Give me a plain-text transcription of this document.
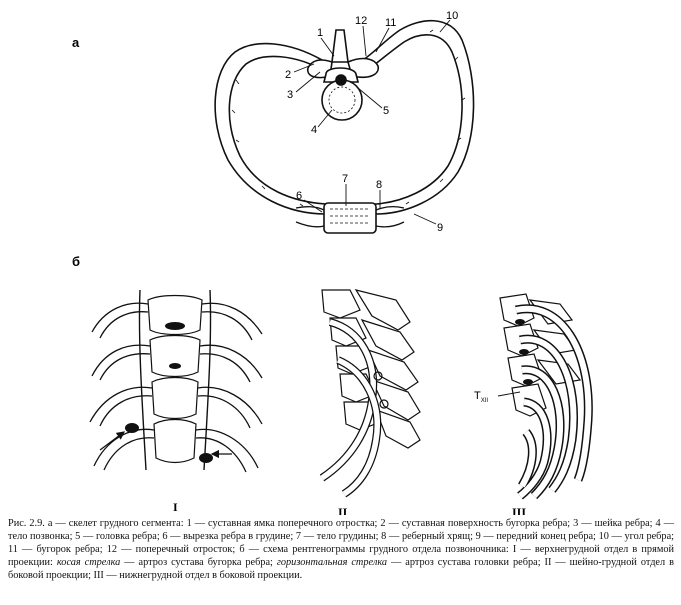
а
1
2
3
4
5
6
7	8
9
10
11
12
б
I	II
$T_{XII}$
III
Рис. 2.9. а — скелет грудного сегмента: 1 — суставная ямка поперечного отростка; 2 — суставная поверхность бугорка ребра; 3 — шейка ребра; 4 — тело позвонка; 5 — головка ребра; 6 — вырезка ребра в грудине; 7 — тело грудины; 8 — реберный хрящ; 9 — передний конец ребра; 10 — угол ребра; 11 — бугорок ребра; 12 — поперечный отросток; б — схема рентгенограммы грудного отдела позвоночника: I — верхнегрудной отдел в прямой проекции: косая стрелка — артроз сустава бугорка ребра; горизонтальная стрелка — артроз сустава головки ребра; II — шейно-грудной отдел в боковой проекции; III — нижнегрудной отдел в боковой проекции.
